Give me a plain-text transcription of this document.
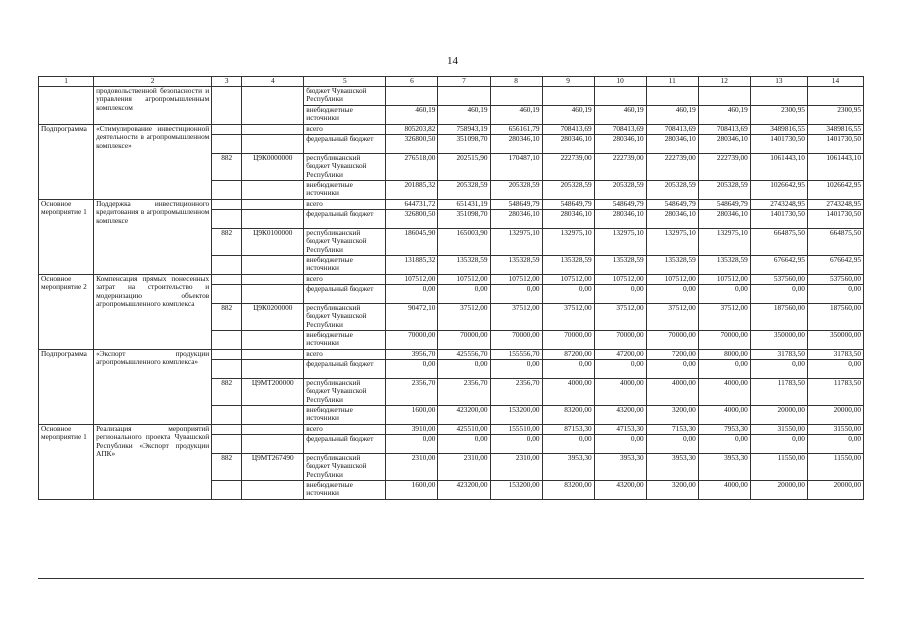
14
1	2	3	4	5	6	7	8	9	10	11	12	13	14
	продовольственной безопасности и управления агропромышленным комплексом			бюджет Чувашской Республики									
				внебюджетные источники	460,19	460,19	460,19	460,19	460,19	460,19	460,19	2300,95	2300,95
Подпрограмма	«Стимулирование инвестиционной деятельности в агропромышленном комплексе»			всего	805203,82	758943,19	656161,79	708413,69	708413,69	708413,69	708413,69	3489816,55	3489816,55
				федеральный бюджет	326800,50	351098,70	280346,10	280346,10	280346,10	280346,10	280346,10	1401730,50	1401730,50
		882	Ц9К0000000	республиканский бюджет Чувашской Республики	276518,00	202515,90	170487,10	222739,00	222739,00	222739,00	222739,00	1061443,10	1061443,10
				внебюджетные источники	201885,32	205328,59	205328,59	205328,59	205328,59	205328,59	205328,59	1026642,95	1026642,95
Основное мероприятие 1	Поддержка инвестиционного кредитования в агропромышленном комплексе			всего	644731,72	651431,19	548649,79	548649,79	548649,79	548649,79	548649,79	2743248,95	2743248,95
				федеральный бюджет	326800,50	351098,70	280346,10	280346,10	280346,10	280346,10	280346,10	1401730,50	1401730,50
		882	Ц9К0100000	республиканский бюджет Чувашской Республики	186045,90	165003,90	132975,10	132975,10	132975,10	132975,10	132975,10	664875,50	664875,50
				внебюджетные источники	131885,32	135328,59	135328,59	135328,59	135328,59	135328,59	135328,59	676642,95	676642,95
Основное мероприятие 2	Компенсация прямых понесенных затрат на строительство и модернизацию объектов агропромышленного комплекса			всего	107512,00	107512,00	107512,00	107512,00	107512,00	107512,00	107512,00	537560,00	537560,00
				федеральный бюджет	0,00	0,00	0,00	0,00	0,00	0,00	0,00	0,00	0,00
		882	Ц9К0200000	республиканский бюджет Чувашской Республики	90472,10	37512,00	37512,00	37512,00	37512,00	37512,00	37512,00	187560,00	187560,00
				внебюджетные источники	70000,00	70000,00	70000,00	70000,00	70000,00	70000,00	70000,00	350000,00	350000,00
Подпрограмма	«Экспорт продукции агропромышленного комплекса»			всего	3956,70	425556,70	155556,70	87200,00	47200,00	7200,00	8000,00	31783,50	31783,50
				федеральный бюджет	0,00	0,00	0,00	0,00	0,00	0,00	0,00	0,00	0,00
		882	Ц9МТ200000	республиканский бюджет Чувашской Республики	2356,70	2356,70	2356,70	4000,00	4000,00	4000,00	4000,00	11783,50	11783,50
				внебюджетные источники	1600,00	423200,00	153200,00	83200,00	43200,00	3200,00	4000,00	20000,00	20000,00
Основное мероприятие 1	Реализация мероприятий регионального проекта Чувашской Республики «Экспорт продукции АПК»			всего	3910,00	425510,00	155510,00	87153,30	47153,30	7153,30	7953,30	31550,00	31550,00
				федеральный бюджет	0,00	0,00	0,00	0,00	0,00	0,00	0,00	0,00	0,00
		882	Ц9МТ267490	республиканский бюджет Чувашской Республики	2310,00	2310,00	2310,00	3953,30	3953,30	3953,30	3953,30	11550,00	11550,00
				внебюджетные источники	1600,00	423200,00	153200,00	83200,00	43200,00	3200,00	4000,00	20000,00	20000,00
